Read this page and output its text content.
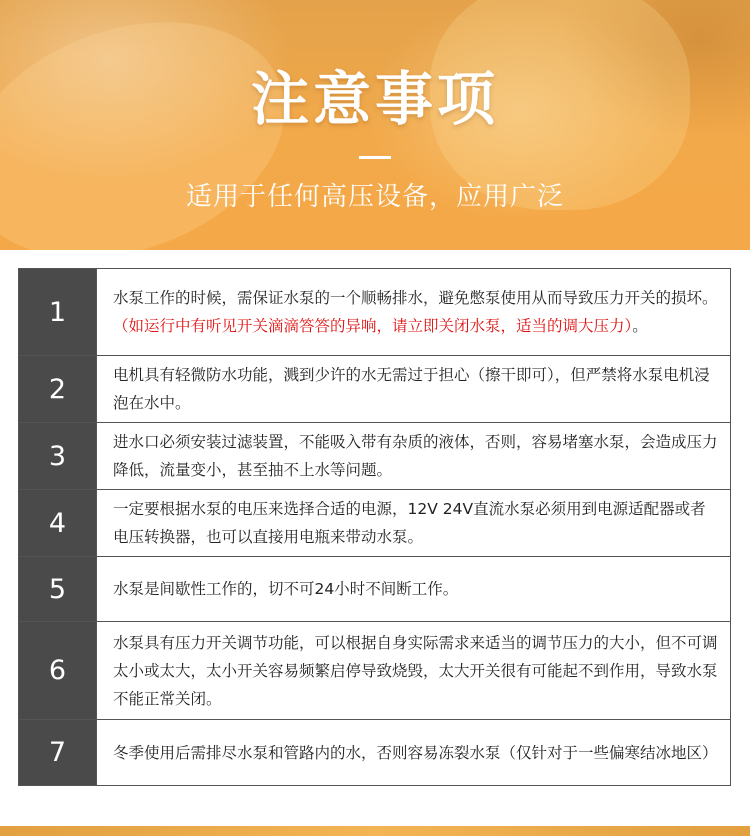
注意事项
适用于任何高压设备，应用广泛
1	水泵工作的时候，需保证水泵的一个顺畅排水，避免憋泵使用从而导致压力开关的损坏。（如运行中有听见开关滴滴答答的异响，请立即关闭水泵，适当的调大压力）。
2	电机具有轻微防水功能，溅到少许的水无需过于担心（擦干即可），但严禁将水泵电机浸泡在水中。
3	进水口必须安装过滤装置，不能吸入带有杂质的液体，否则，容易堵塞水泵，会造成压力降低，流量变小，甚至抽不上水等问题。
4	一定要根据水泵的电压来选择合适的电源，12V 24V直流水泵必须用到电源适配器或者电压转换器，也可以直接用电瓶来带动水泵。
5	水泵是间歇性工作的，切不可24小时不间断工作。
6	水泵具有压力开关调节功能，可以根据自身实际需求来适当的调节压力的大小，但不可调太小或太大，太小开关容易频繁启停导致烧毁，太大开关很有可能起不到作用，导致水泵不能正常关闭。
7	冬季使用后需排尽水泵和管路内的水，否则容易冻裂水泵（仅针对于一些偏寒结冰地区）
